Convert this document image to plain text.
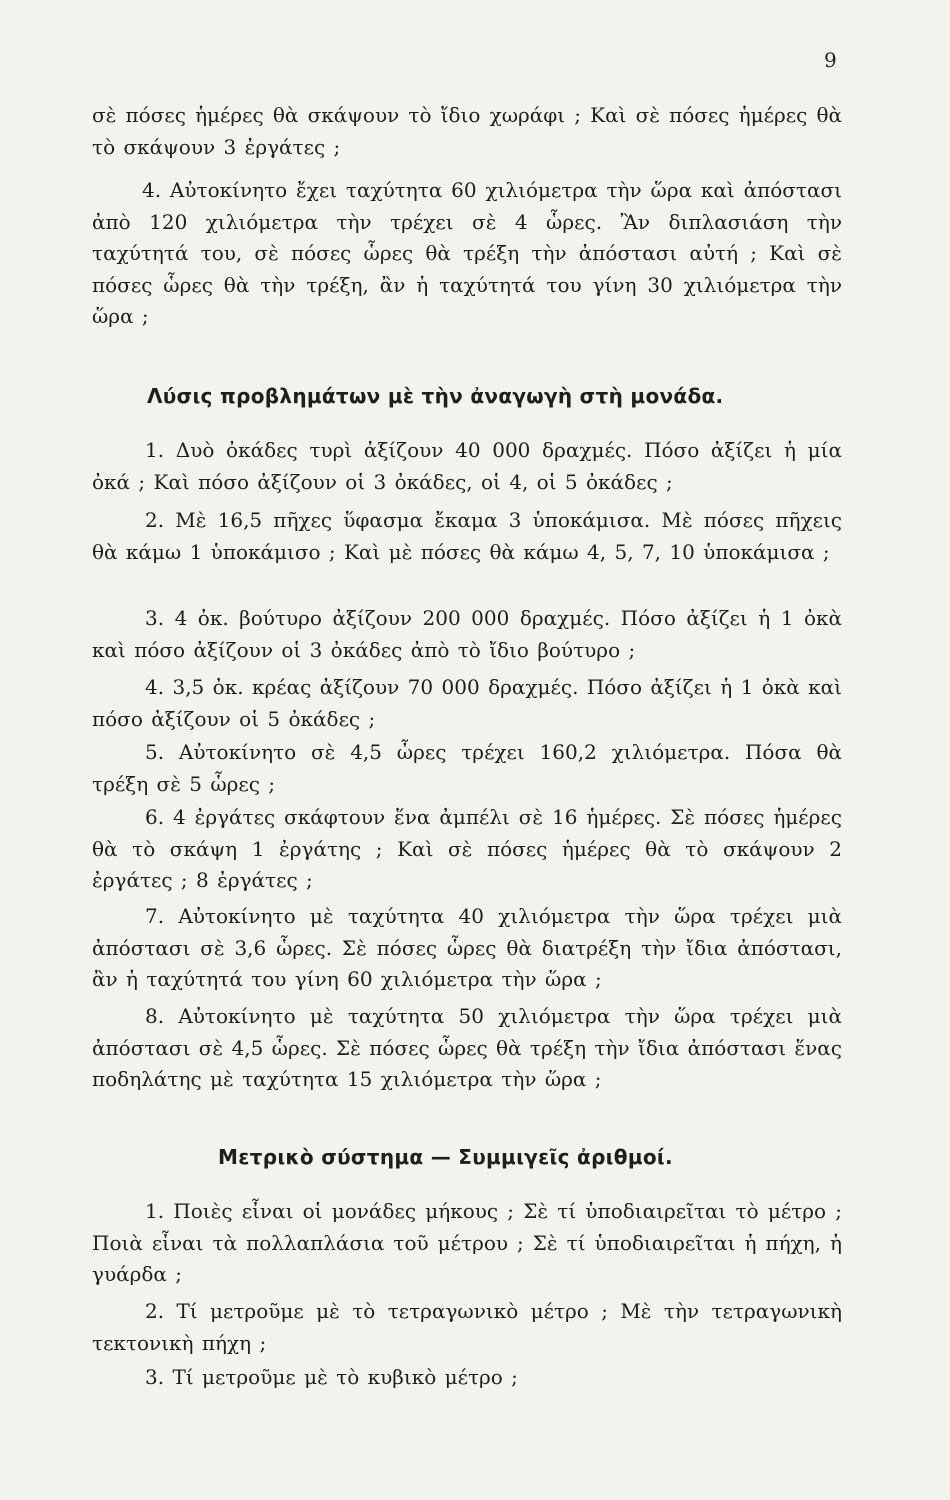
9

σὲ πόσες ἡμέρες θὰ σκάψουν τὸ ἴδιο χωράφι ; Καὶ σὲ πόσες ἡμέρες θὰ τὸ σκάψουν 3 ἐργάτες ;

4. Αὐτοκίνητο ἔχει ταχύτητα 60 χιλιόμετρα τὴν ὥρα καὶ ἀπόστασι ἀπὸ 120 χιλιόμετρα τὴν τρέχει σὲ 4 ὧρες. Ἂν διπλασιάση τὴν ταχύτητά του, σὲ πόσες ὧρες θὰ τρέξη τὴν ἀπόστασι αὐτή ; Καὶ σὲ πόσες ὧρες θὰ τὴν τρέξη, ἂν ἡ ταχύτητά του γίνη 30 χιλιόμετρα τὴν ὥρα ;

Λύσις προβλημάτων μὲ τὴν ἀναγωγὴ στὴ μονάδα.

1. Δυὸ ὀκάδες τυρὶ ἀξίζουν 40 000 δραχμές. Πόσο ἀξίζει ἡ μία ὀκά ; Καὶ πόσο ἀξίζουν οἱ 3 ὀκάδες, οἱ 4, οἱ 5 ὀκάδες ;

2. Μὲ 16,5 πῆχες ὕφασμα ἔκαμα 3 ὑποκάμισα. Μὲ πόσες πῆχεις θὰ κάμω 1 ὑποκάμισο ; Καὶ μὲ πόσες θὰ κάμω 4, 5, 7, 10 ὑποκάμισα ;

3. 4 ὀκ. βούτυρο ἀξίζουν 200 000 δραχμές. Πόσο ἀξίζει ἡ 1 ὀκὰ καὶ πόσο ἀξίζουν οἱ 3 ὀκάδες ἀπὸ τὸ ἴδιο βούτυρο ;

4. 3,5 ὀκ. κρέας ἀξίζουν 70 000 δραχμές. Πόσο ἀξίζει ἡ 1 ὀκὰ καὶ πόσο ἀξίζουν οἱ 5 ὀκάδες ;

5. Αὐτοκίνητο σὲ 4,5 ὧρες τρέχει 160,2 χιλιόμετρα. Πόσα θὰ τρέξη σὲ 5 ὧρες ;

6. 4 ἐργάτες σκάφτουν ἕνα ἀμπέλι σὲ 16 ἡμέρες. Σὲ πόσες ἡμέρες θὰ τὸ σκάψη 1 ἐργάτης ; Καὶ σὲ πόσες ἡμέρες θὰ τὸ σκάψουν 2 ἐργάτες ; 8 ἐργάτες ;

7. Αὐτοκίνητο μὲ ταχύτητα 40 χιλιόμετρα τὴν ὥρα τρέχει μιὰ ἀπόστασι σὲ 3,6 ὧρες. Σὲ πόσες ὧρες θὰ διατρέξη τὴν ἴδια ἀπόστασι, ἂν ἡ ταχύτητά του γίνη 60 χιλιόμετρα τὴν ὥρα ;

8. Αὐτοκίνητο μὲ ταχύτητα 50 χιλιόμετρα τὴν ὥρα τρέχει μιὰ ἀπόστασι σὲ 4,5 ὧρες. Σὲ πόσες ὧρες θὰ τρέξη τὴν ἴδια ἀπόστασι ἕνας ποδηλάτης μὲ ταχύτητα 15 χιλιόμετρα τὴν ὥρα ;

Μετρικὸ σύστημα — Συμμιγεῖς ἀριθμοί.

1. Ποιὲς εἶναι οἱ μονάδες μήκους ; Σὲ τί ὑποδιαιρεῖται τὸ μέτρο ; Ποιὰ εἶναι τὰ πολλαπλάσια τοῦ μέτρου ; Σὲ τί ὑποδιαιρεῖται ἡ πήχη, ἡ γυάρδα ;

2. Τί μετροῦμε μὲ τὸ τετραγωνικὸ μέτρο ; Μὲ τὴν τετραγωνικὴ τεκτονικὴ πήχη ;

3. Τί μετροῦμε μὲ τὸ κυβικὸ μέτρο ;
